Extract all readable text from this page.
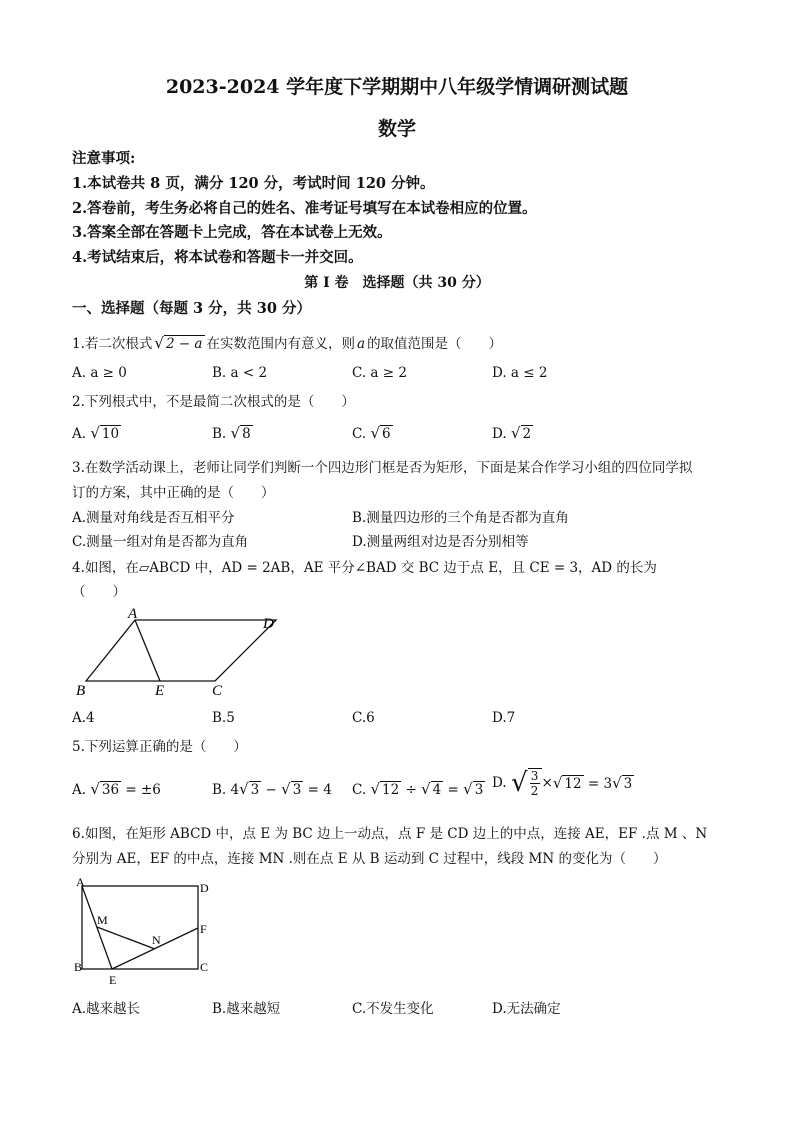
2023-2024 学年度下学期期中八年级学情调研测试题
数学
注意事项:
1.本试卷共 8 页，满分 120 分，考试时间 120 分钟。
2.答卷前，考生务必将自己的姓名、准考证号填写在本试卷相应的位置。
3.答案全部在答题卡上完成，答在本试卷上无效。
4.考试结束后，将本试卷和答题卡一并交回。
第 I 卷　选择题（共 30 分）
一、选择题（每题 3 分，共 30 分）
1.若二次根式 √ 2 − a 在实数范围内有意义，则 a 的取值范围是（　　）
A. a ≥ 0	B. a < 2	C. a ≥ 2	D. a ≤ 2
2.下列根式中，不是最简二次根式的是（　　）
A. √ 10	B. √ 8	C. √ 6	D. √ 2
3.在数学活动课上，老师让同学们判断一个四边形门框是否为矩形，下面是某合作学习小组的四位同学拟
订的方案，其中正确的是（　　）
A.测量对角线是否互相平分	B.测量四边形的三个角是否都为直角
C.测量一组对角是否都为直角	D.测量两组对边是否分别相等
4.如图，在▱ABCD 中，AD = 2AB，AE 平分∠BAD 交 BC 边于点 E，且 CE = 3，AD 的长为
（　　）
A
D
B	E	C
A.4	B.5	C.6	D.7
5.下列运算正确的是（　　）
A. √ 36 = ±6	B. 4√ 3 − √ 3 = 4 C. √ 12 ÷ √ 4 = √ 3 D. √ $\frac{3}{2}$ ×√ 12 = 3√ 3
6.如图，在矩形 ABCD 中，点 E 为 BC 边上一动点，点 F 是 CD 边上的中点，连接 AE，EF .点 M 、N
分别为 AE，EF 的中点，连接 MN .则在点 E 从 B 运动到 C 过程中，线段 MN 的变化为（　　）
A	D
B	C
E
F
M
N
A.越来越长	B.越来越短	C.不发生变化	D.无法确定
